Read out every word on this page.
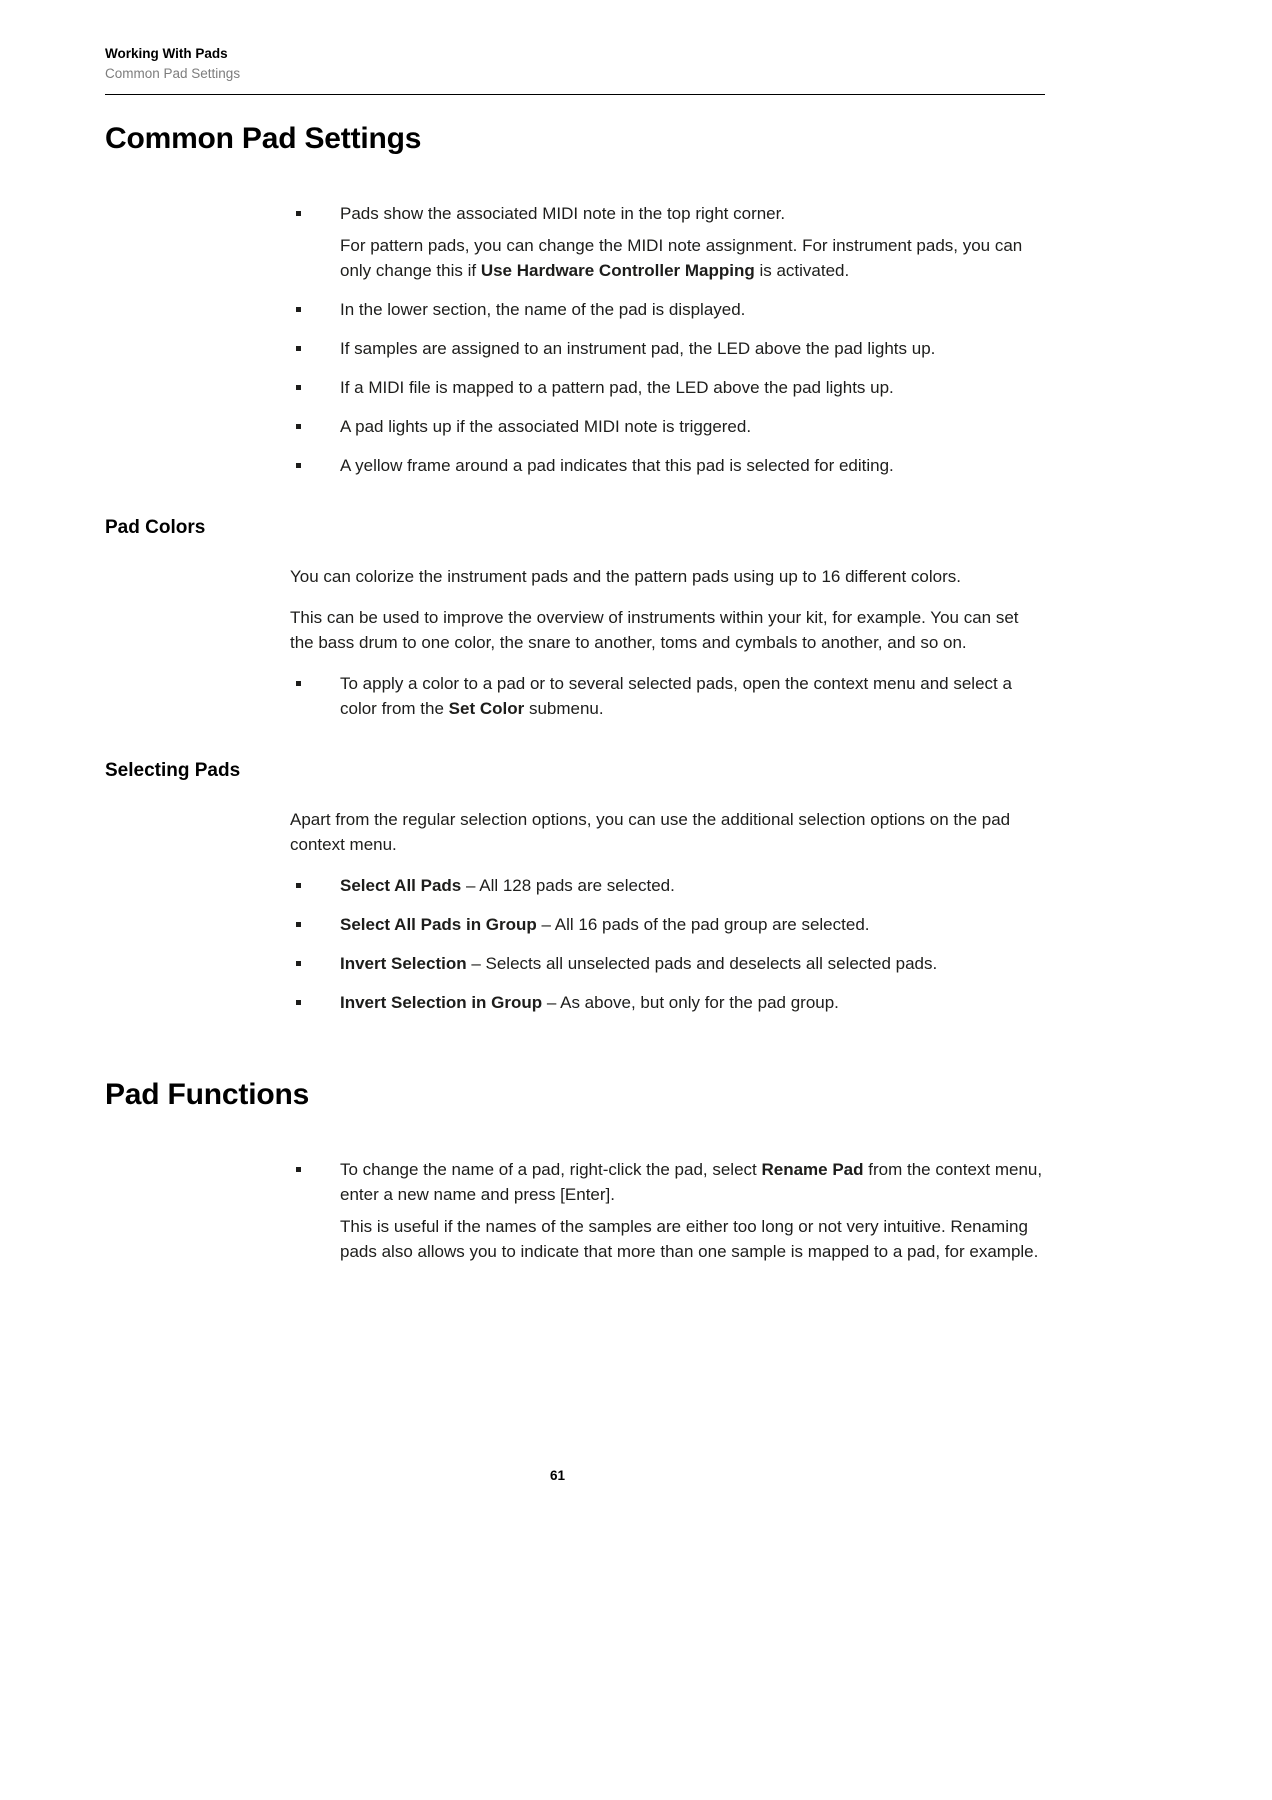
Working With Pads
Common Pad Settings
Common Pad Settings
Pads show the associated MIDI note in the top right corner.
For pattern pads, you can change the MIDI note assignment. For instrument pads, you can only change this if Use Hardware Controller Mapping is activated.
In the lower section, the name of the pad is displayed.
If samples are assigned to an instrument pad, the LED above the pad lights up.
If a MIDI file is mapped to a pattern pad, the LED above the pad lights up.
A pad lights up if the associated MIDI note is triggered.
A yellow frame around a pad indicates that this pad is selected for editing.
Pad Colors

You can colorize the instrument pads and the pattern pads using up to 16 different colors.

This can be used to improve the overview of instruments within your kit, for example. You can set the bass drum to one color, the snare to another, toms and cymbals to another, and so on.

To apply a color to a pad or to several selected pads, open the context menu and select a color from the Set Color submenu.
Selecting Pads

Apart from the regular selection options, you can use the additional selection options on the pad context menu.

Select All Pads – All 128 pads are selected.
Select All Pads in Group – All 16 pads of the pad group are selected.
Invert Selection – Selects all unselected pads and deselects all selected pads.
Invert Selection in Group – As above, but only for the pad group.
Pad Functions
To change the name of a pad, right-click the pad, select Rename Pad from the context menu, enter a new name and press [Enter].
This is useful if the names of the samples are either too long or not very intuitive. Renaming pads also allows you to indicate that more than one sample is mapped to a pad, for example.
61
